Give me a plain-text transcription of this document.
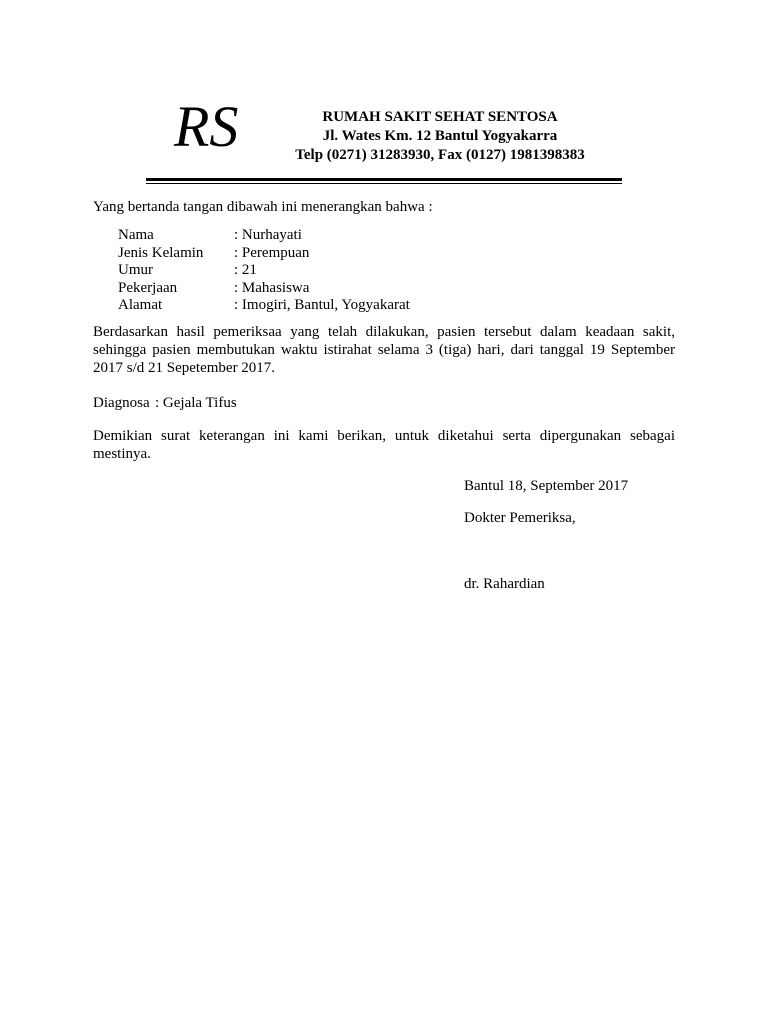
RS	RUMAH SAKIT SEHAT SENTOSA
Jl. Wates Km. 12 Bantul Yogyakarra
Telp (0271) 31283930, Fax (0127) 1981398383
Yang bertanda tangan dibawah ini menerangkan bahwa :
Nama	: Nurhayati
Jenis Kelamin	: Perempuan
Umur	: 21
Pekerjaan	: Mahasiswa
Alamat	: Imogiri, Bantul, Yogyakarat
Berdasarkan hasil pemeriksaa yang telah dilakukan, pasien tersebut dalam keadaan sakit, sehingga pasien membutukan waktu istirahat selama 3 (tiga) hari, dari tanggal 19 September 2017 s/d 21 Sepetember 2017.
Diagnosa : Gejala Tifus
Demikian surat keterangan ini kami berikan, untuk diketahui serta dipergunakan sebagai mestinya.
Bantul 18, September 2017
Dokter Pemeriksa,
dr. Rahardian
